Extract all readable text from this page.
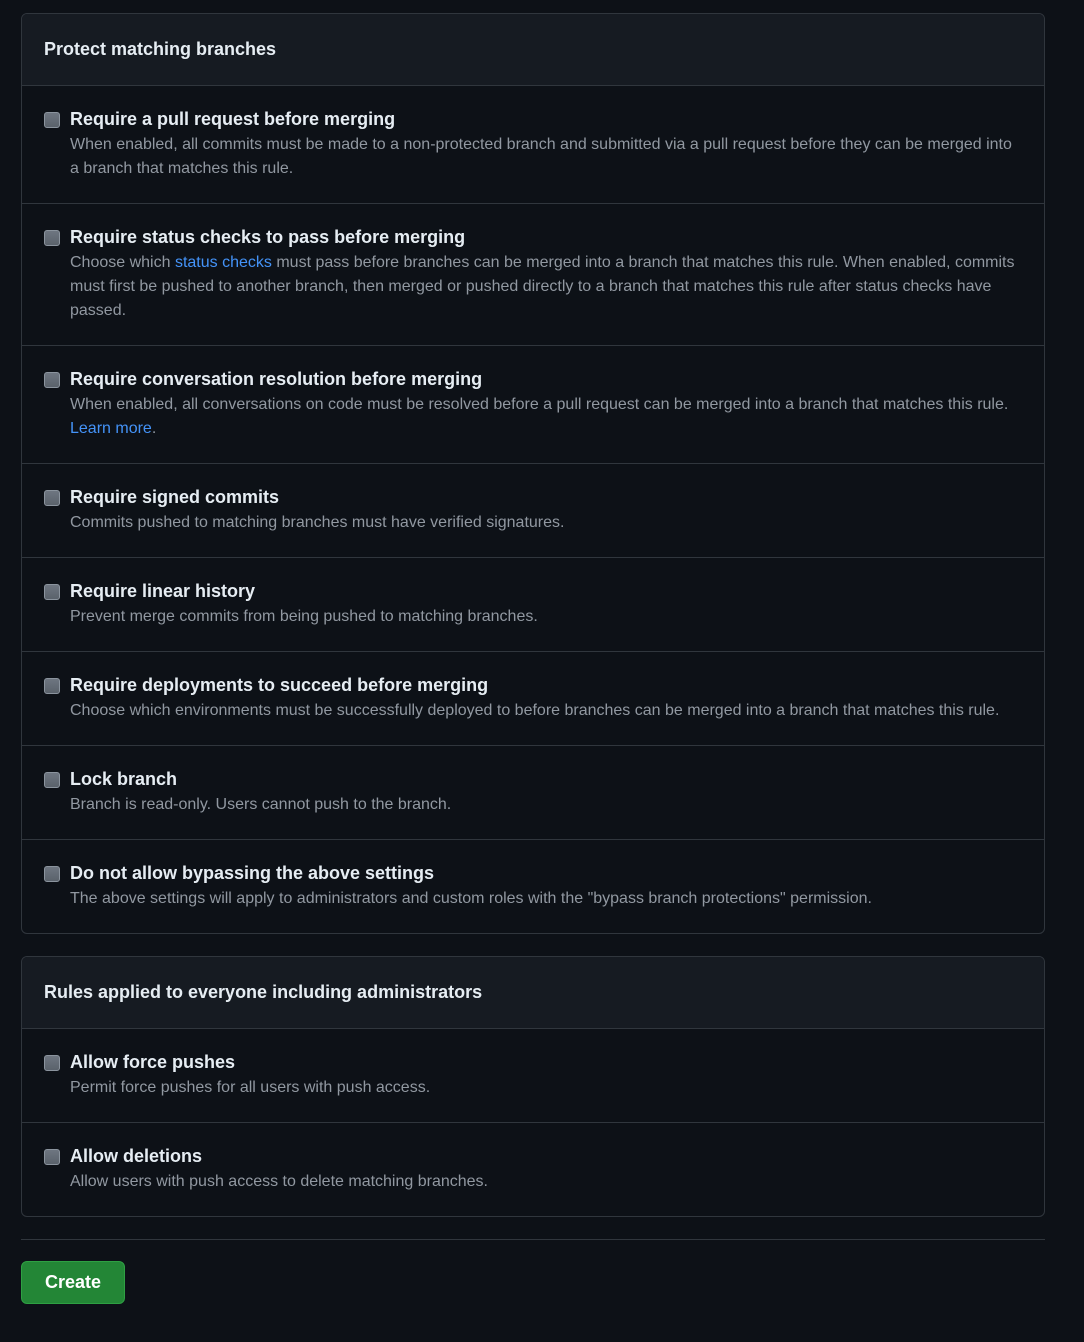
Protect matching branches
Require a pull request before merging
When enabled, all commits must be made to a non-protected branch and submitted via a pull request before they can be merged into a branch that matches this rule.
Require status checks to pass before merging
Choose which status checks must pass before branches can be merged into a branch that matches this rule. When enabled, commits must first be pushed to another branch, then merged or pushed directly to a branch that matches this rule after status checks have passed.
Require conversation resolution before merging
When enabled, all conversations on code must be resolved before a pull request can be merged into a branch that matches this rule. Learn more.
Require signed commits
Commits pushed to matching branches must have verified signatures.
Require linear history
Prevent merge commits from being pushed to matching branches.
Require deployments to succeed before merging
Choose which environments must be successfully deployed to before branches can be merged into a branch that matches this rule.
Lock branch
Branch is read-only. Users cannot push to the branch.
Do not allow bypassing the above settings
The above settings will apply to administrators and custom roles with the "bypass branch protections" permission.
Rules applied to everyone including administrators
Allow force pushes
Permit force pushes for all users with push access.
Allow deletions
Allow users with push access to delete matching branches.
Create
